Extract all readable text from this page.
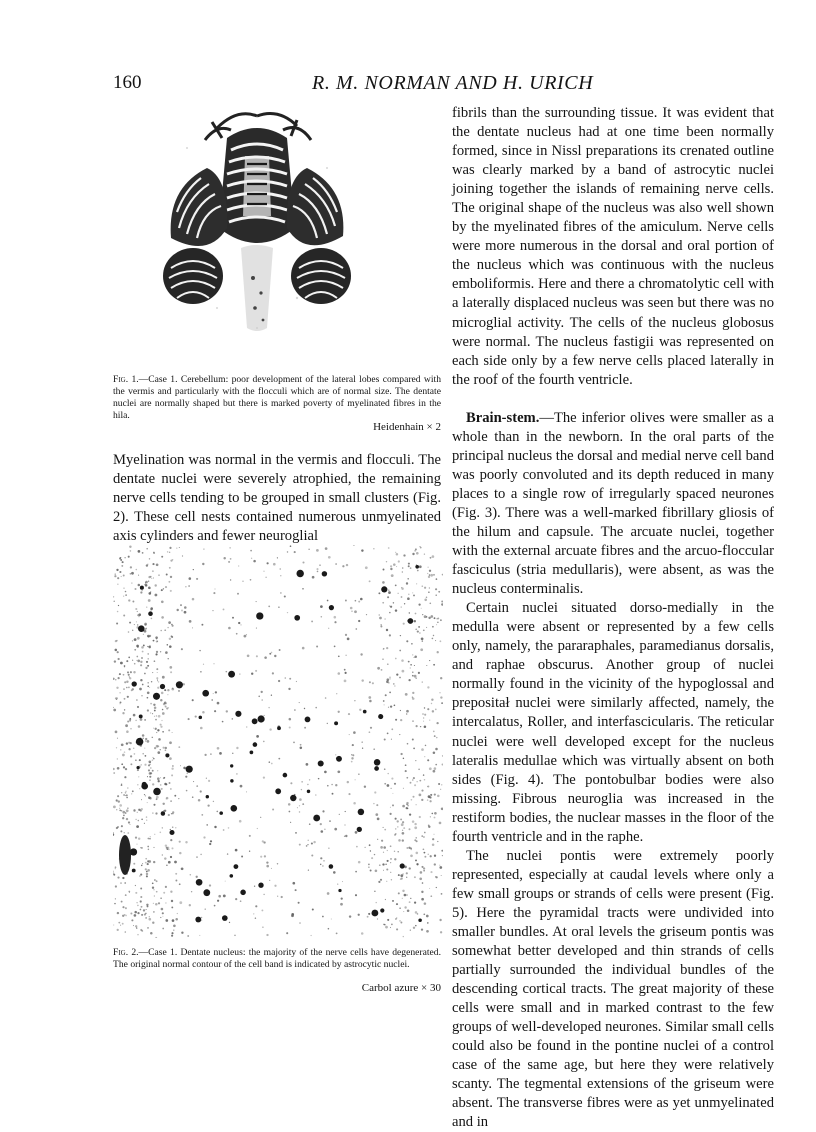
160	R. M. NORMAN AND H. URICH
Fig. 1.—Case 1. Cerebellum: poor development of the lateral lobes compared with the vermis and particularly with the flocculi which are of normal size. The dentate nuclei are normally shaped but there is marked poverty of myelinated fibres in the hila.
Heidenhain × 2

Myelination was normal in the vermis and flocculi. The dentate nuclei were severely atrophied, the remaining nerve cells tending to be grouped in small clusters (Fig. 2). These cell nests contained numerous unmyelinated axis cylinders and fewer neuroglial

Fig. 2.—Case 1. Dentate nucleus: the majority of the nerve cells have degenerated. The original normal contour of the cell band is indicated by astrocytic nuclei.
Carbol azure × 30

fibrils than the surrounding tissue. It was evident that the dentate nucleus had at one time been normally formed, since in Nissl preparations its crenated outline was clearly marked by a band of astrocytic nuclei joining together the islands of remaining nerve cells. The original shape of the nucleus was also well shown by the myelinated fibres of the amiculum. Nerve cells were more numerous in the dorsal and oral portion of the nucleus which was continuous with the nucleus emboliformis. Here and there a chromatolytic cell with a laterally displaced nucleus was seen but there was no microglial activity. The cells of the nucleus globosus were normal. The nucleus fastigii was represented on each side only by a few nerve cells placed laterally in the roof of the fourth ventricle.

Brain-stem.—The inferior olives were smaller as a whole than in the newborn. In the oral parts of the principal nucleus the dorsal and medial nerve cell band was poorly convoluted and its depth reduced in many places to a single row of irregularly spaced neurones (Fig. 3). There was a well-marked fibrillary gliosis of the hilum and capsule. The arcuate nuclei, together with the external arcuate fibres and the arcuo-floccular fasciculus (stria medullaris), were absent, as was the nucleus conterminalis.

Certain nuclei situated dorso-medially in the medulla were absent or represented by a few cells only, namely, the pararaphales, paramedianus dorsalis, and raphae obscurus. Another group of nuclei normally found in the vicinity of the hypoglossal and prepositał nuclei were similarly affected, namely, the intercalatus, Roller, and interfascicularis. The reticular nuclei were well developed except for the nucleus lateralis medullae which was virtually absent on both sides (Fig. 4). The pontobulbar bodies were also missing. Fibrous neuroglia was increased in the restiform bodies, the nuclear masses in the floor of the fourth ventricle and in the raphe.

The nuclei pontis were extremely poorly represented, especially at caudal levels where only a few small groups or strands of cells were present (Fig. 5). Here the pyramidal tracts were undivided into smaller bundles. At oral levels the griseum pontis was somewhat better developed and thin strands of cells partially surrounded the individual bundles of the descending cortical tracts. The great majority of these cells were small and in marked contrast to the few groups of well-developed neurones. Similar small cells could also be found in the pontine nuclei of a control case of the same age, but here they were relatively scanty. The tegmental extensions of the griseum were absent. The transverse fibres were as yet unmyelinated and in
